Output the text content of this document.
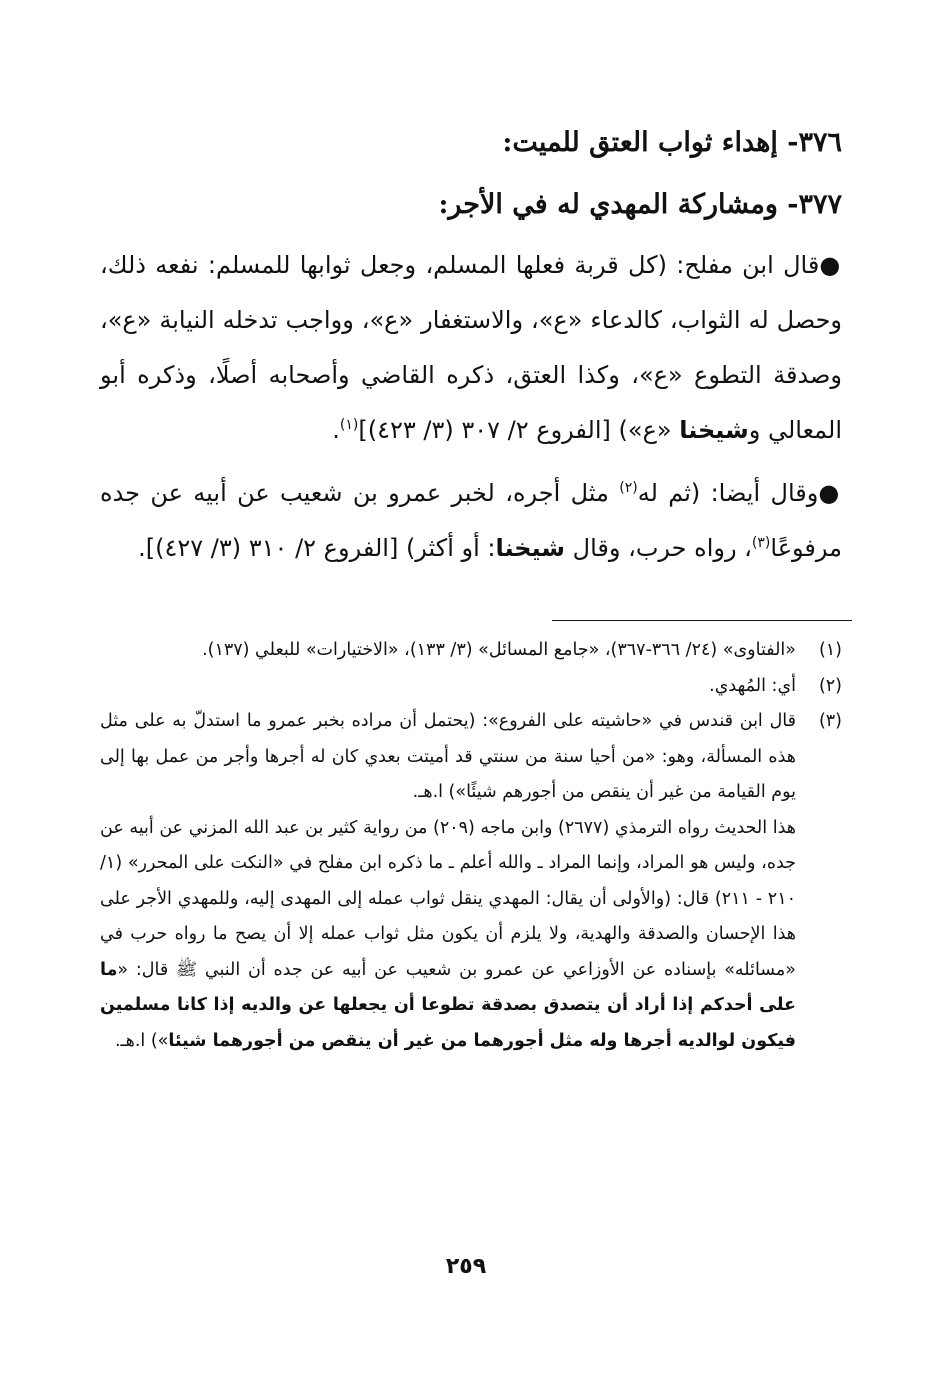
٣٧٦- إهداء ثواب العتق للميت:
٣٧٧- ومشاركة المهدي له في الأجر:

●قال ابن مفلح: (كل قربة فعلها المسلم، وجعل ثوابها للمسلم: نفعه ذلك، وحصل له الثواب، كالدعاء «ع»، والاستغفار «ع»، وواجب تدخله النيابة «ع»، وصدقة التطوع «ع»، وكذا العتق، ذكره القاضي وأصحابه أصلًا، وذكره أبو المعالي وشيخنا «ع») [الفروع ٢/ ٣٠٧ (٣/ ٤٢٣)]$^{(١)}$.

●وقال أيضا: (ثم له$^{(٢)}$ مثل أجره، لخبر عمرو بن شعيب عن أبيه عن جده مرفوعًا$^{(٣)}$، رواه حرب، وقال شيخنا: أو أكثر) [الفروع ٢/ ٣١٠ (٣/ ٤٢٧)].

(١)

«الفتاوى» (٢٤/ ٣٦٦-٣٦٧)، «جامع المسائل» (٣/ ١٣٣)، «الاختيارات» للبعلي (١٣٧).

(٢)

أي: المُهدي.

(٣)

قال ابن قندس في «حاشيته على الفروع»: (يحتمل أن مراده بخبر عمرو ما استدلّ به على مثل هذه المسألة، وهو: «من أحيا سنة من سنتي قد أميتت بعدي كان له أجرها وأجر من عمل بها إلى يوم القيامة من غير أن ينقص من أجورهم شيئًا») ا.هـ.

هذا الحديث رواه الترمذي (٢٦٧٧) وابن ماجه (٢٠٩) من رواية كثير بن عبد الله المزني عن أبيه عن جده، وليس هو المراد، وإنما المراد ـ والله أعلم ـ ما ذكره ابن مفلح في «النكت على المحرر» (١/ ٢١٠ - ٢١١) قال: (والأولى أن يقال: المهدي ينقل ثواب عمله إلى المهدى إليه، وللمهدي الأجر على هذا الإحسان والصدقة والهدية، ولا يلزم أن يكون مثل ثواب عمله إلا أن يصح ما رواه حرب في «مسائله» بإسناده عن الأوزاعي عن عمرو بن شعيب عن أبيه عن جده أن النبي ﷺ قال: «ما على أحدكم إذا أراد أن يتصدق بصدقة تطوعا أن يجعلها عن والديه إذا كانا مسلمين فيكون لوالديه أجرها وله مثل أجورهما من غير أن ينقص من أجورهما شيئا») ا.هـ.

٢٥٩
